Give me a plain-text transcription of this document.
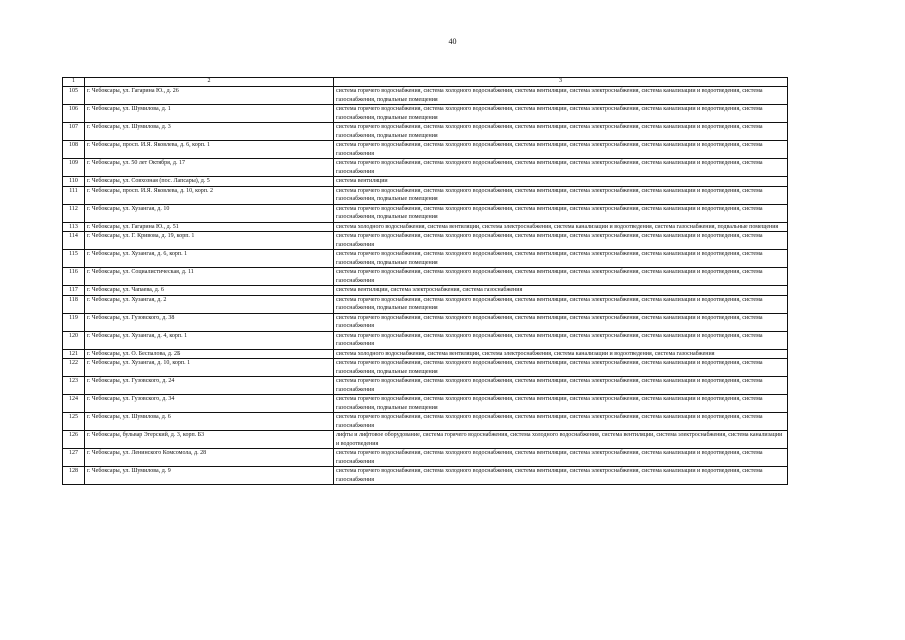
40
1	2	3
105	г. Чебоксары, ул. Гагарина Ю., д. 26	система горячего водоснабжения, система холодного водоснабжения, система вентиляции, система электроснабжения, система канализации и водоотведения, система газоснабжения, подвальные помещения
106	г. Чебоксары, ул. Шумилова, д. 1	система горячего водоснабжения, система холодного водоснабжения, система вентиляции, система электроснабжения, система канализации и водоотведения, система газоснабжения, подвальные помещения
107	г. Чебоксары, ул. Шумилова, д. 3	система горячего водоснабжения, система холодного водоснабжения, система вентиляции, система электроснабжения, система канализации и водоотведения, система газоснабжения, подвальные помещения
108	г. Чебоксары, просп. И.Я. Яковлева, д. 6, корп. 1	система горячего водоснабжения, система холодного водоснабжения, система вентиляции, система электроснабжения, система канализации и водоотведения, система газоснабжения
109	г. Чебоксары, ул. 50 лет Октября, д. 17	система горячего водоснабжения, система холодного водоснабжения, система вентиляции, система электроснабжения, система канализации и водоотведения, система газоснабжения
110	г. Чебоксары, ул. Совхозная (пос. Лапсары), д. 5	система вентиляции
111	г. Чебоксары, просп. И.Я. Яковлева, д. 10, корп. 2	система горячего водоснабжения, система холодного водоснабжения, система вентиляции, система электроснабжения, система канализации и водоотведения, система газоснабжения, подвальные помещения
112	г. Чебоксары, ул. Хузангая, д. 10	система горячего водоснабжения, система холодного водоснабжения, система вентиляции, система электроснабжения, система канализации и водоотведения, система газоснабжения, подвальные помещения
113	г. Чебоксары, ул. Гагарина Ю., д. 51	система холодного водоснабжения, система вентиляции, система электроснабжения, система канализации и водоотведения, система газоснабжения, подвальные помещения
114	г. Чебоксары, ул. Г. Кривова, д. 19, корп. 1	система горячего водоснабжения, система холодного водоснабжения, система вентиляции, система электроснабжения, система канализации и водоотведения, система газоснабжения
115	г. Чебоксары, ул. Хузангая, д. 6, корп. 1	система горячего водоснабжения, система холодного водоснабжения, система вентиляции, система электроснабжения, система канализации и водоотведения, система газоснабжения, подвальные помещения
116	г. Чебоксары, ул. Социалистическая, д. 11	система горячего водоснабжения, система холодного водоснабжения, система вентиляции, система электроснабжения, система канализации и водоотведения, система газоснабжения
117	г. Чебоксары, ул. Чапаева, д. 6	система вентиляции, система электроснабжения, система газоснабжения
118	г. Чебоксары, ул. Хузангая, д. 2	система горячего водоснабжения, система холодного водоснабжения, система вентиляции, система электроснабжения, система канализации и водоотведения, система газоснабжения, подвальные помещения
119	г. Чебоксары, ул. Гузовского, д. 38	система горячего водоснабжения, система холодного водоснабжения, система вентиляции, система электроснабжения, система канализации и водоотведения, система газоснабжения
120	г. Чебоксары, ул. Хузангая, д. 4, корп. 1	система горячего водоснабжения, система холодного водоснабжения, система вентиляции, система электроснабжения, система канализации и водоотведения, система газоснабжения
121	г. Чебоксары, ул. О. Беспалова, д. 2Б	система холодного водоснабжения, система вентиляции, система электроснабжения, система канализации и водоотведения, система газоснабжения
122	г. Чебоксары, ул. Хузангая, д. 10, корп. 1	система горячего водоснабжения, система холодного водоснабжения, система вентиляции, система электроснабжения, система канализации и водоотведения, система газоснабжения, подвальные помещения
123	г. Чебоксары, ул. Гузовского, д. 24	система горячего водоснабжения, система холодного водоснабжения, система вентиляции, система электроснабжения, система канализации и водоотведения, система газоснабжения
124	г. Чебоксары, ул. Гузовского, д. 34	система горячего водоснабжения, система холодного водоснабжения, система вентиляции, система электроснабжения, система канализации и водоотведения, система газоснабжения, подвальные помещения
125	г. Чебоксары, ул. Шумилова, д. 6	система горячего водоснабжения, система холодного водоснабжения, система вентиляции, система электроснабжения, система канализации и водоотведения, система газоснабжения
126	г. Чебоксары, бульвар Эгерский, д. 3, корп. Б3	лифты и лифтовое оборудование, система горячего водоснабжения, система холодного водоснабжения, система вентиляции, система электроснабжения, система канализации и водоотведения
127	г. Чебоксары, ул. Ленинского Комсомола, д. 28	система горячего водоснабжения, система холодного водоснабжения, система вентиляции, система электроснабжения, система канализации и водоотведения, система газоснабжения
128	г. Чебоксары, ул. Шумилова, д. 9	система горячего водоснабжения, система холодного водоснабжения, система вентиляции, система электроснабжения, система канализации и водоотведения, система газоснабжения
